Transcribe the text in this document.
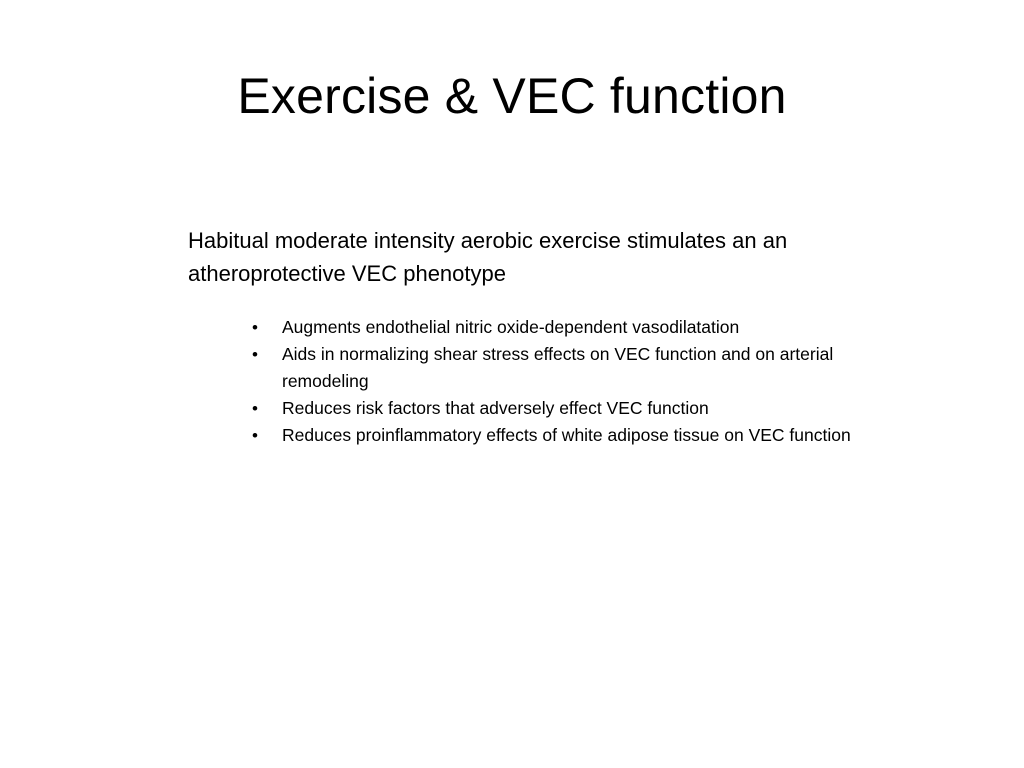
Exercise & VEC function

Habitual moderate intensity aerobic exercise stimulates an an atheroprotective VEC phenotype

•	Augments endothelial nitric oxide-dependent vasodilatation
•	Aids in normalizing shear stress effects on VEC function and on arterial remodeling
•	Reduces risk factors that adversely effect VEC function
•	Reduces proinflammatory effects of white adipose tissue on VEC function
